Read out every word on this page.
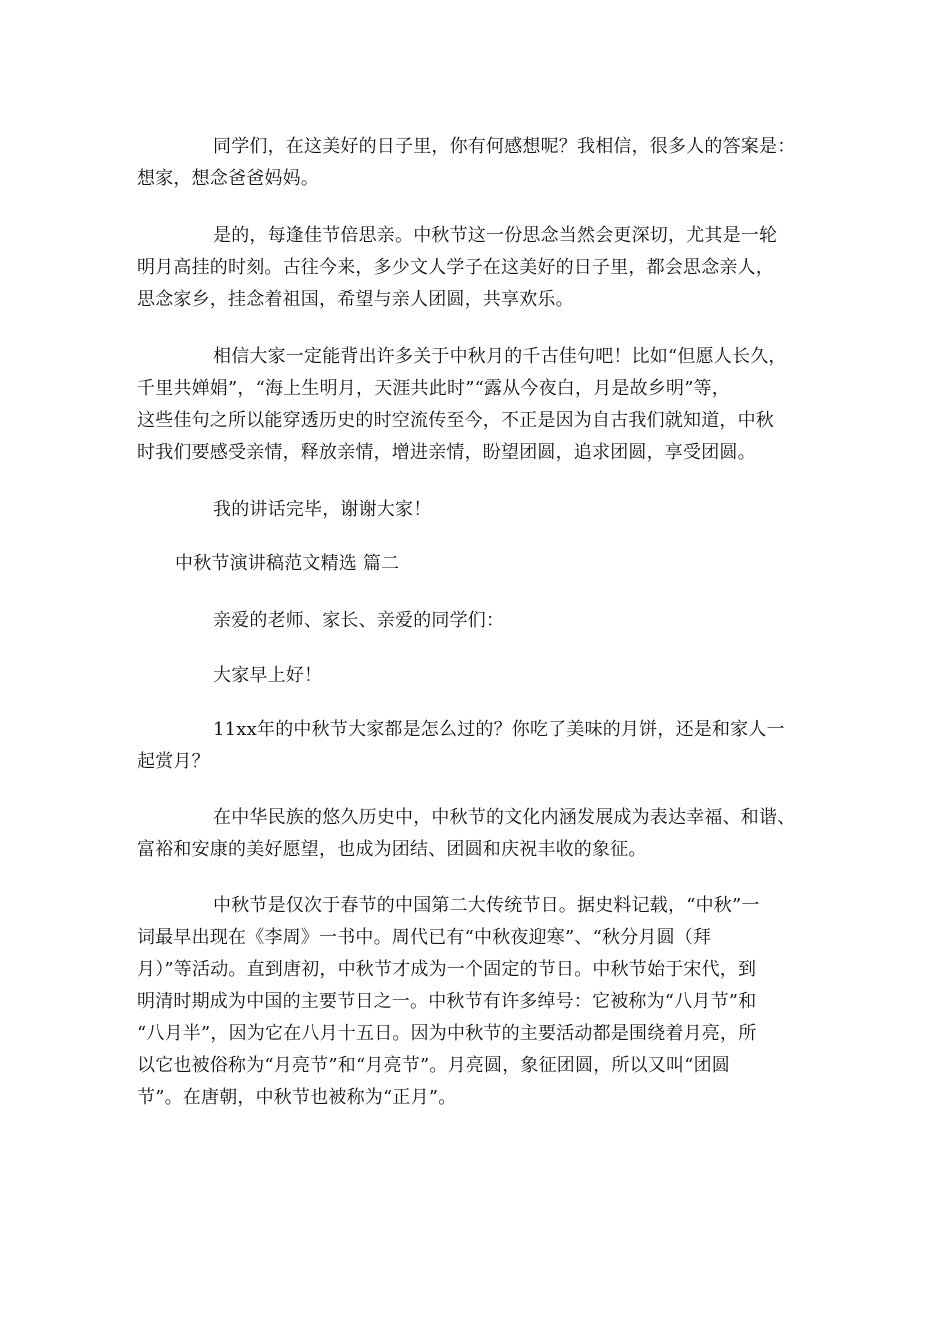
同学们，在这美好的日子里，你有何感想呢？我相信，很多人的答案是：
想家，想念爸爸妈妈。
是的，每逢佳节倍思亲。中秋节这一份思念当然会更深切，尤其是一轮
明月高挂的时刻。古往今来，多少文人学子在这美好的日子里，都会思念亲人，
思念家乡，挂念着祖国，希望与亲人团圆，共享欢乐。
相信大家一定能背出许多关于中秋月的千古佳句吧！比如“但愿人长久，
千里共婵娟”，“海上生明月，天涯共此时”“露从今夜白，月是故乡明”等，
这些佳句之所以能穿透历史的时空流传至今，不正是因为自古我们就知道，中秋
时我们要感受亲情，释放亲情，增进亲情，盼望团圆，追求团圆，享受团圆。
我的讲话完毕，谢谢大家！
中秋节演讲稿范文精选 篇二
亲爱的老师、家长、亲爱的同学们：
大家早上好！
11xx年的中秋节大家都是怎么过的？你吃了美味的月饼，还是和家人一
起赏月？
在中华民族的悠久历史中，中秋节的文化内涵发展成为表达幸福、和谐、
富裕和安康的美好愿望，也成为团结、团圆和庆祝丰收的象征。
中秋节是仅次于春节的中国第二大传统节日。据史料记载，“中秋”一
词最早出现在《李周》一书中。周代已有“中秋夜迎寒”、“秋分月圆（拜
月）”等活动。直到唐初，中秋节才成为一个固定的节日。中秋节始于宋代，到
明清时期成为中国的主要节日之一。中秋节有许多绰号：它被称为“八月节”和
“八月半”，因为它在八月十五日。因为中秋节的主要活动都是围绕着月亮，所
以它也被俗称为“月亮节”和“月亮节”。月亮圆，象征团圆，所以又叫“团圆
节”。在唐朝，中秋节也被称为“正月”。
